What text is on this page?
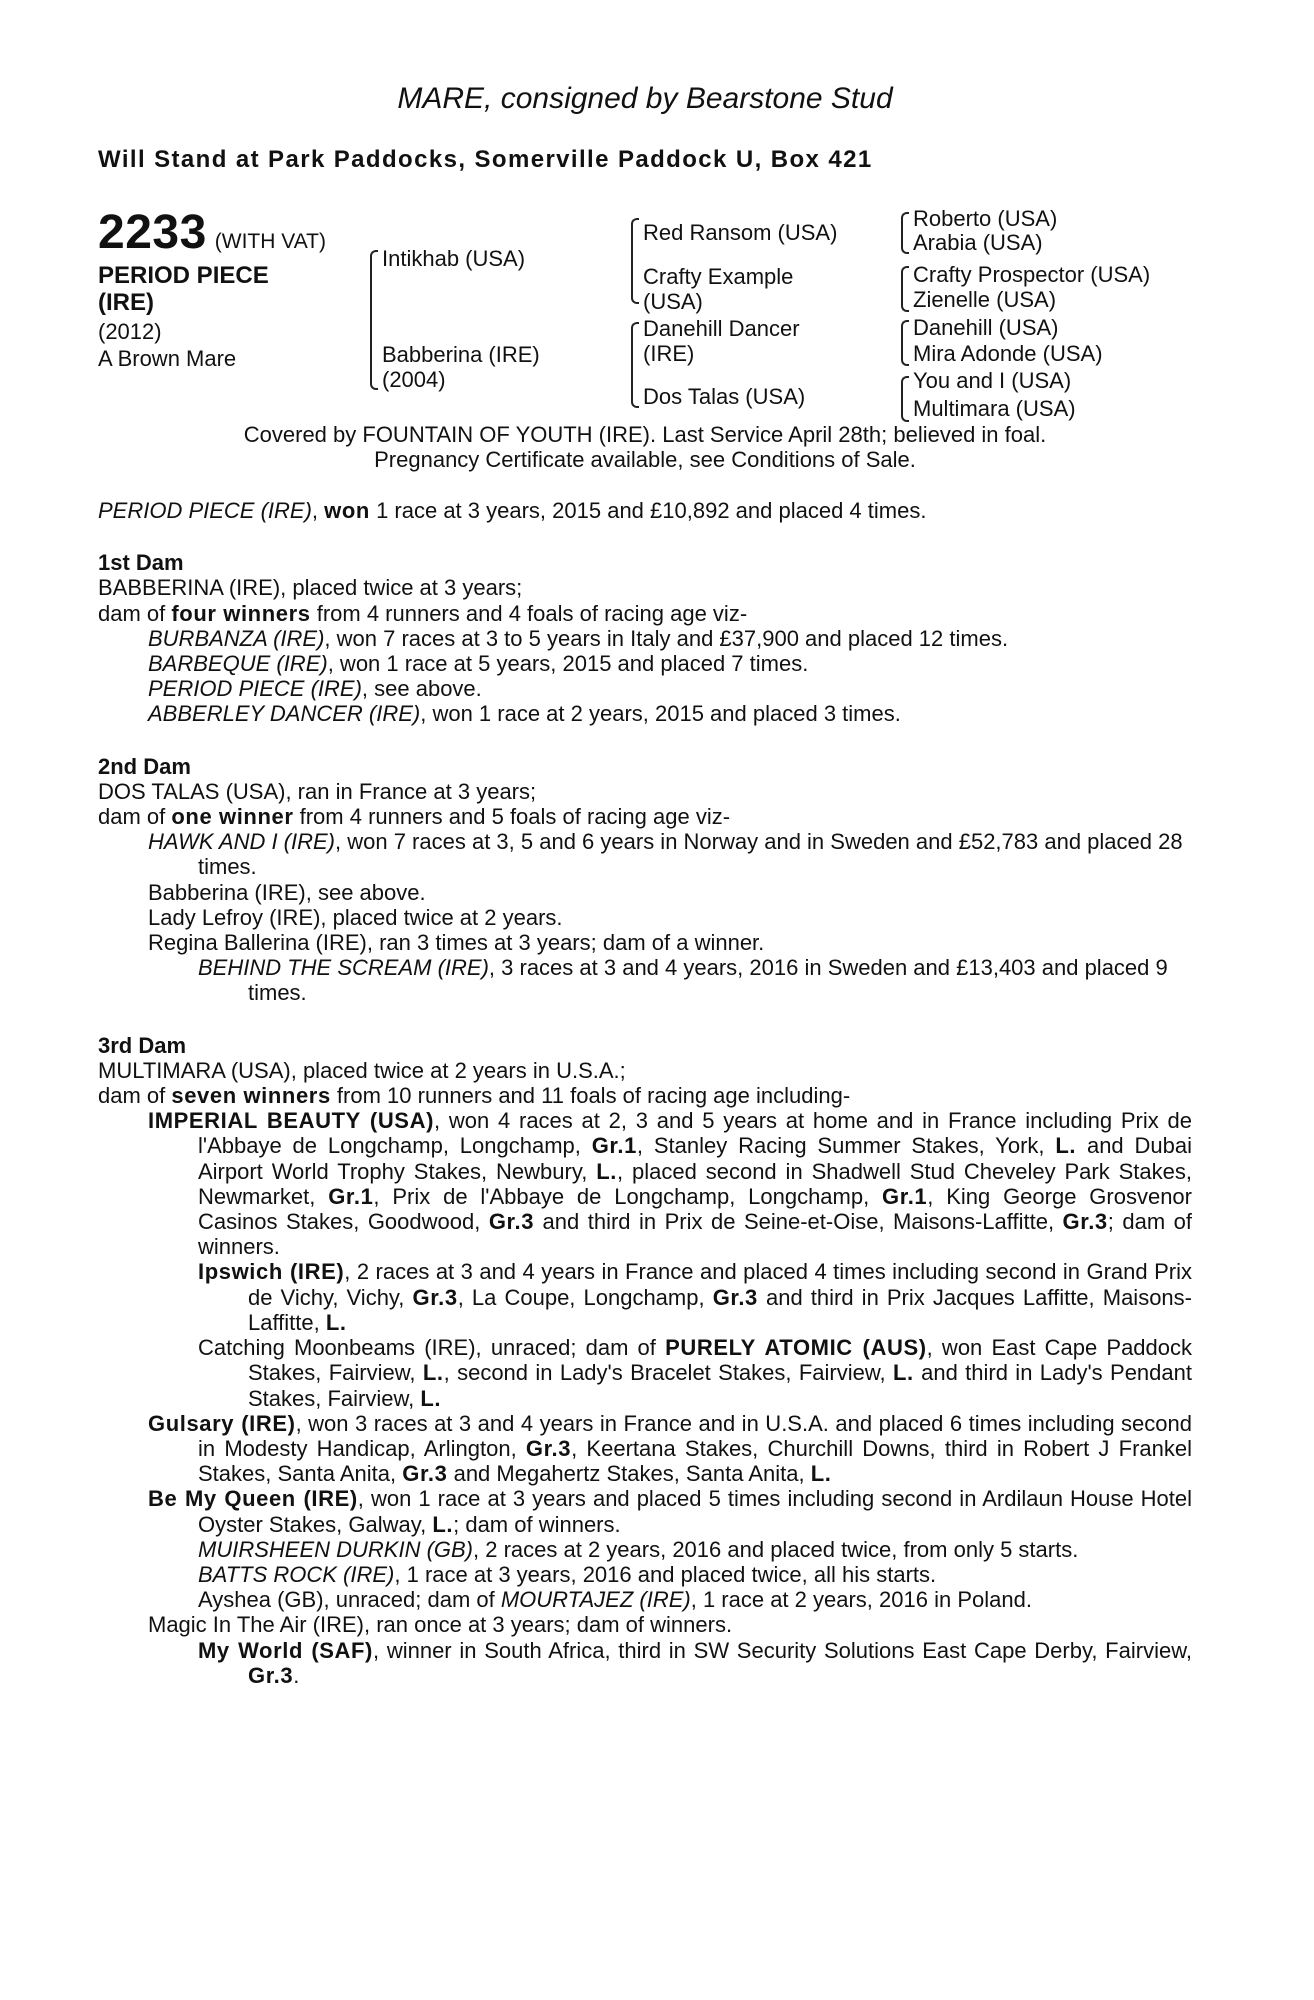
MARE, consigned by Bearstone Stud
Will Stand at Park Paddocks, Somerville Paddock U, Box 421
2233 (WITH VAT)
PERIOD PIECE
(IRE)
(2012)
A Brown Mare
Intikhab (USA)
Babberina (IRE)
(2004)
Red Ransom (USA)
Crafty Example
(USA)
Danehill Dancer
(IRE)
Dos Talas (USA)
Roberto (USA)
Arabia (USA)
Crafty Prospector (USA)
Zienelle (USA)
Danehill (USA)
Mira Adonde (USA)
You and I (USA)
Multimara (USA)
Covered by FOUNTAIN OF YOUTH (IRE). Last Service April 28th; believed in foal.
Pregnancy Certificate available, see Conditions of Sale.

PERIOD PIECE (IRE), won 1 race at 3 years, 2015 and £10,892 and placed 4 times.

1st Dam

BABBERINA (IRE), placed twice at 3 years;

dam of four winners from 4 runners and 4 foals of racing age viz-

BURBANZA (IRE), won 7 races at 3 to 5 years in Italy and £37,900 and placed 12 times.

BARBEQUE (IRE), won 1 race at 5 years, 2015 and placed 7 times.

PERIOD PIECE (IRE), see above.

ABBERLEY DANCER (IRE), won 1 race at 2 years, 2015 and placed 3 times.

2nd Dam

DOS TALAS (USA), ran in France at 3 years;

dam of one winner from 4 runners and 5 foals of racing age viz-

HAWK AND I (IRE), won 7 races at 3, 5 and 6 years in Norway and in Sweden and £52,783 and placed 28 times.

Babberina (IRE), see above.

Lady Lefroy (IRE), placed twice at 2 years.

Regina Ballerina (IRE), ran 3 times at 3 years; dam of a winner.

BEHIND THE SCREAM (IRE), 3 races at 3 and 4 years, 2016 in Sweden and £13,403 and placed 9 times.

3rd Dam

MULTIMARA (USA), placed twice at 2 years in U.S.A.;

dam of seven winners from 10 runners and 11 foals of racing age including-

IMPERIAL BEAUTY (USA), won 4 races at 2, 3 and 5 years at home and in France including Prix de l'Abbaye de Longchamp, Longchamp, Gr.1, Stanley Racing Summer Stakes, York, L. and Dubai Airport World Trophy Stakes, Newbury, L., placed second in Shadwell Stud Cheveley Park Stakes, Newmarket, Gr.1, Prix de l'Abbaye de Longchamp, Longchamp, Gr.1, King George Grosvenor Casinos Stakes, Goodwood, Gr.3 and third in Prix de Seine-et-Oise, Maisons-Laffitte, Gr.3; dam of winners.

Ipswich (IRE), 2 races at 3 and 4 years in France and placed 4 times including second in Grand Prix de Vichy, Vichy, Gr.3, La Coupe, Longchamp, Gr.3 and third in Prix Jacques Laffitte, Maisons-Laffitte, L.

Catching Moonbeams (IRE), unraced; dam of PURELY ATOMIC (AUS), won East Cape Paddock Stakes, Fairview, L., second in Lady's Bracelet Stakes, Fairview, L. and third in Lady's Pendant Stakes, Fairview, L.

Gulsary (IRE), won 3 races at 3 and 4 years in France and in U.S.A. and placed 6 times including second in Modesty Handicap, Arlington, Gr.3, Keertana Stakes, Churchill Downs, third in Robert J Frankel Stakes, Santa Anita, Gr.3 and Megahertz Stakes, Santa Anita, L.

Be My Queen (IRE), won 1 race at 3 years and placed 5 times including second in Ardilaun House Hotel Oyster Stakes, Galway, L.; dam of winners.

MUIRSHEEN DURKIN (GB), 2 races at 2 years, 2016 and placed twice, from only 5 starts.

BATTS ROCK (IRE), 1 race at 3 years, 2016 and placed twice, all his starts.

Ayshea (GB), unraced; dam of MOURTAJEZ (IRE), 1 race at 2 years, 2016 in Poland.

Magic In The Air (IRE), ran once at 3 years; dam of winners.

My World (SAF), winner in South Africa, third in SW Security Solutions East Cape Derby, Fairview, Gr.3.
